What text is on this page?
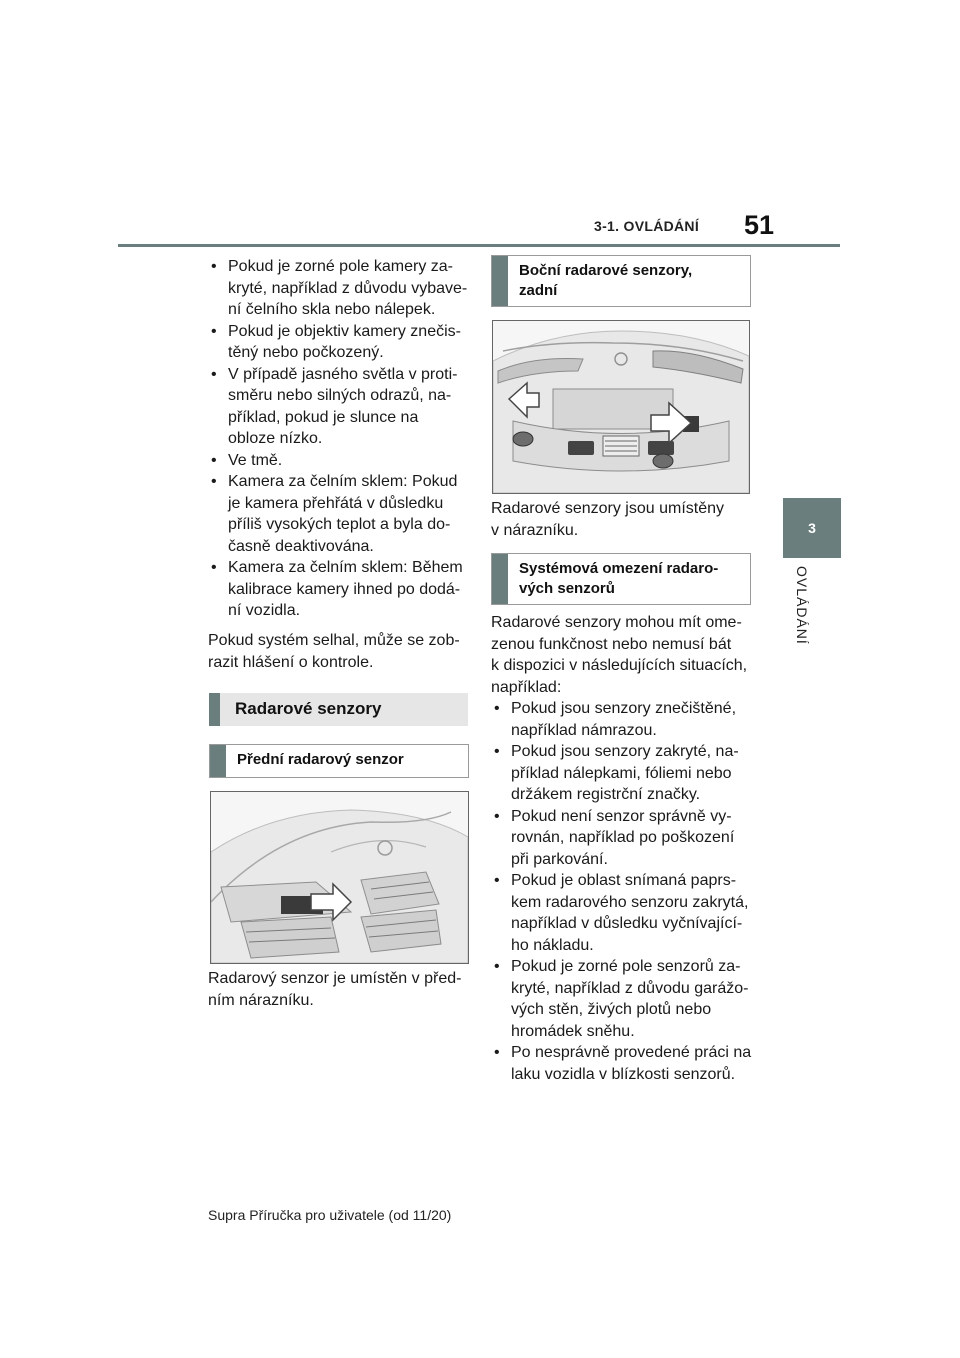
3-1. OVLÁDÁNÍ 51
3
OVLÁDÁNÍ
• Pokud je zorné pole kamery za-
kryté, například z důvodu vybave-
ní čelního skla nebo nálepek.
• Pokud je objektiv kamery znečis-
těný nebo počkozený.
• V případě jasného světla v proti-
směru nebo silných odrazů, na-
příklad, pokud je slunce na
obloze nízko.
• Ve tmě.
• Kamera za čelním sklem: Pokud
je kamera přehřátá v důsledku
příliš vysokých teplot a byla do-
časně deaktivována.
• Kamera za čelním sklem: Během
kalibrace kamery ihned po dodá-
ní vozidla.
Pokud systém selhal, může se zob-
razit hlášení o kontrole.
Radarové senzory
Přední radarový senzor
Radarový senzor je umístěn v před-
ním nárazníku.
Boční radarové senzory,
zadní
Radarové senzory jsou umístěny
v nárazníku.
Systémová omezení radaro-
vých senzorů
Radarové senzory mohou mít ome-
zenou funkčnost nebo nemusí bát
k dispozici v následujících situacích,
například:
• Pokud jsou senzory znečištěné,
například námrazou.
• Pokud jsou senzory zakryté, na-
příklad nálepkami, fóliemi nebo
držákem registrční značky.
• Pokud není senzor správně vy-
rovnán, například po poškození
při parkování.
• Pokud je oblast snímaná paprs-
kem radarového senzoru zakrytá,
například v důsledku vyčnívající-
ho nákladu.
• Pokud je zorné pole senzorů za-
kryté, například z důvodu garážo-
vých stěn, živých plotů nebo
hromádek sněhu.
• Po nesprávně provedené práci na
laku vozidla v blízkosti senzorů.
Supra Příručka pro uživatele (od 11/20)
